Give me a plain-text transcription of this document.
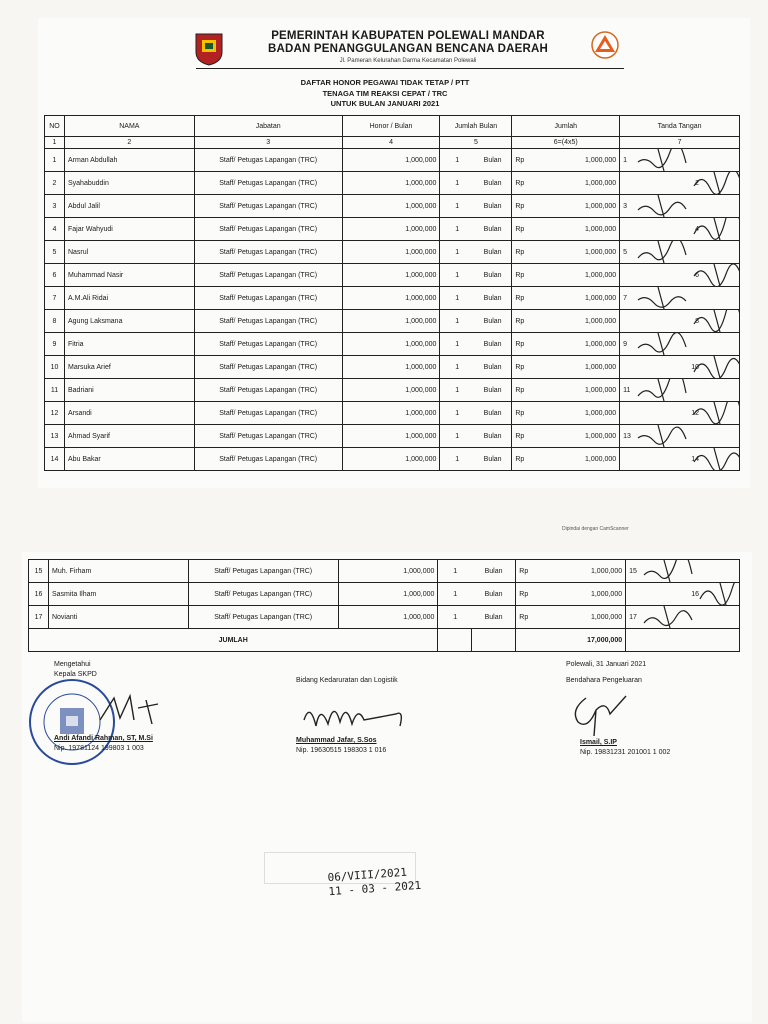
PEMERINTAH KABUPATEN POLEWALI MANDAR
BADAN PENANGGULANGAN BENCANA DAERAH
Jl. Pameran Kelurahan Darma Kecamatan Polewali
DAFTAR HONOR PEGAWAI TIDAK TETAP / PTT
TENAGA TIM REAKSI CEPAT / TRC
UNTUK BULAN JANUARI 2021
NO	NAMA	Jabatan	Honor / Bulan	Jumlah Bulan		Jumlah		Tanda Tangan
1	2	3	4	5		6=(4x5)		7
1	Arman Abdullah	Staff/ Petugas Lapangan (TRC)	1,000,000	1	Bulan	Rp	1,000,000	1

2	Syahabuddin	Staff/ Petugas Lapangan (TRC)	1,000,000	1	Bulan	Rp	1,000,000	2

3	Abdul Jalil	Staff/ Petugas Lapangan (TRC)	1,000,000	1	Bulan	Rp	1,000,000	3

4	Fajar Wahyudi	Staff/ Petugas Lapangan (TRC)	1,000,000	1	Bulan	Rp	1,000,000	4

5	Nasrul	Staff/ Petugas Lapangan (TRC)	1,000,000	1	Bulan	Rp	1,000,000	5

6	Muhammad Nasir	Staff/ Petugas Lapangan (TRC)	1,000,000	1	Bulan	Rp	1,000,000	6

7	A.M.Ali Ridai	Staff/ Petugas Lapangan (TRC)	1,000,000	1	Bulan	Rp	1,000,000	7

8	Agung Laksmana	Staff/ Petugas Lapangan (TRC)	1,000,000	1	Bulan	Rp	1,000,000	8

9	Fitria	Staff/ Petugas Lapangan (TRC)	1,000,000	1	Bulan	Rp	1,000,000	9

10	Marsuka Arief	Staff/ Petugas Lapangan (TRC)	1,000,000	1	Bulan	Rp	1,000,000	10

11	Badriani	Staff/ Petugas Lapangan (TRC)	1,000,000	1	Bulan	Rp	1,000,000	11

12	Arsandi	Staff/ Petugas Lapangan (TRC)	1,000,000	1	Bulan	Rp	1,000,000	12

13	Ahmad Syarif	Staff/ Petugas Lapangan (TRC)	1,000,000	1	Bulan	Rp	1,000,000	13

14	Abu Bakar	Staff/ Petugas Lapangan (TRC)	1,000,000	1	Bulan	Rp	1,000,000	14
Dipindai dengan CamScanner
15	Muh. Firham	Staff/ Petugas Lapangan (TRC)	1,000,000	1	Bulan	Rp	1,000,000	15

16	Sasmita Ilham	Staff/ Petugas Lapangan (TRC)	1,000,000	1	Bulan	Rp	1,000,000	16

17	Novianti	Staff/ Petugas Lapangan (TRC)	1,000,000	1	Bulan	Rp	1,000,000	17

JUMLAH						17,000,000		
Mengetahui
Kepala SKPD
Andi Afandi Rahman, ST, M.Si
Nip. 19781124 199803 1 003
Bidang Kedaruratan dan Logistik
Muhammad Jafar, S.Sos
Nip. 19630515 198303 1 016
Polewali, 31 Januari 2021
Bendahara Pengeluaran
Ismail, S.IP
Nip. 19831231 201001 1 002
06/VIII/2021
11 - 03 - 2021
